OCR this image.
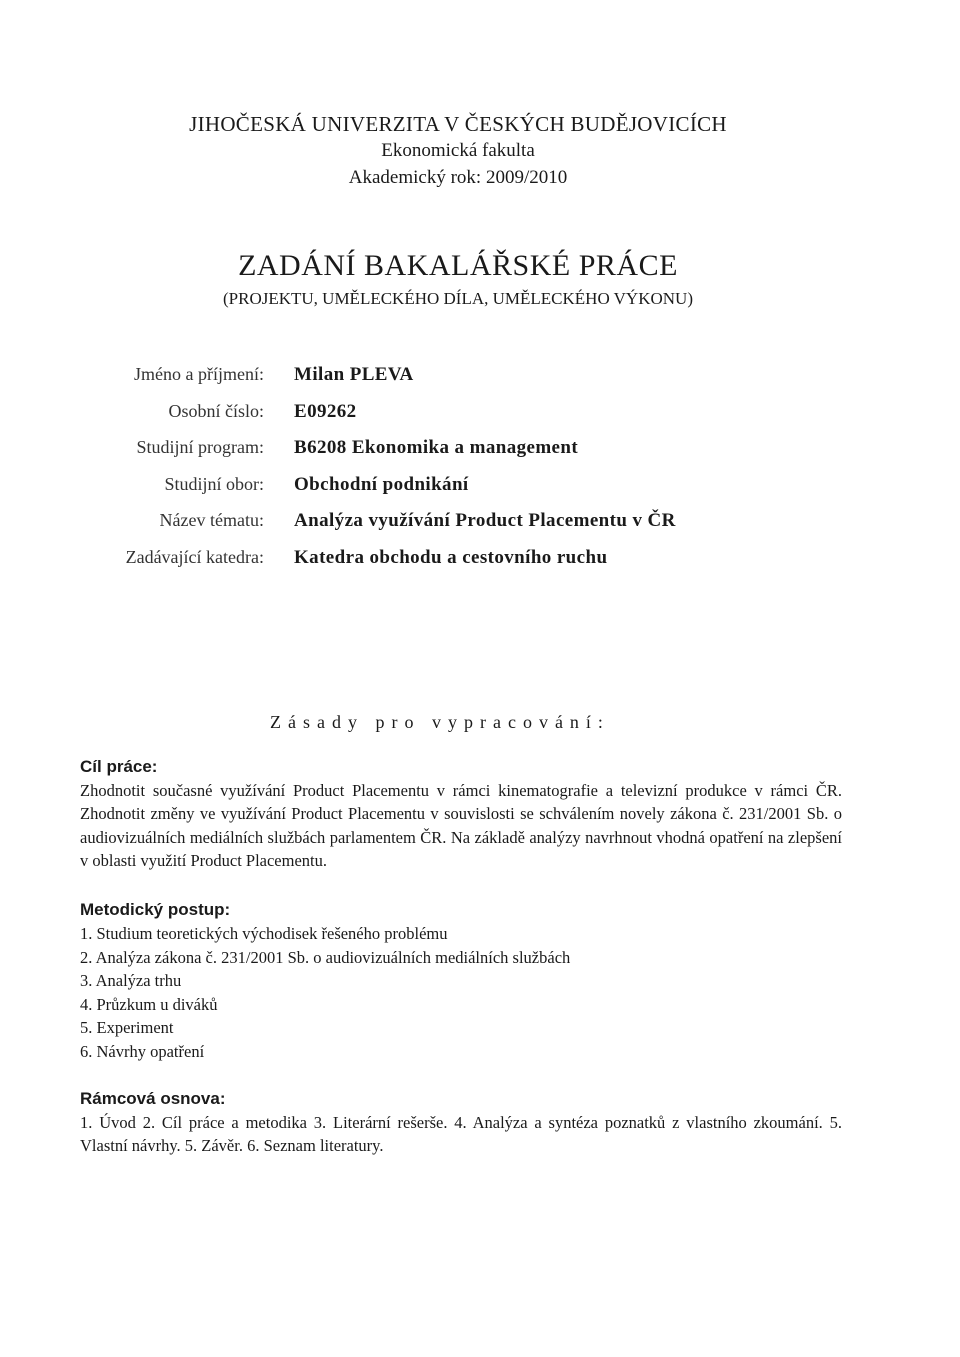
JIHOČESKÁ UNIVERZITA V ČESKÝCH BUDĚJOVICÍCH
Ekonomická fakulta
Akademický rok: 2009/2010
ZADÁNÍ BAKALÁŘSKÉ PRÁCE
(PROJEKTU, UMĚLECKÉHO DÍLA, UMĚLECKÉHO VÝKONU)
Jméno a příjmení: Milan PLEVA
Osobní číslo: E09262
Studijní program: B6208 Ekonomika a management
Studijní obor: Obchodní podnikání
Název tématu: Analýza využívání Product Placementu v ČR
Zadávající katedra: Katedra obchodu a cestovního ruchu
Zásady pro vypracování:
Cíl práce:
Zhodnotit současné využívání Product Placementu v rámci kinematografie a televizní produkce v rámci ČR. Zhodnotit změny ve využívání Product Placementu v souvislosti se schválením novely zákona č. 231/2001 Sb. o audiovizuálních mediálních službách parlamentem ČR. Na základě analýzy navrhnout vhodná opatření na zlepšení v oblasti využití Product Placementu.
Metodický postup:
1. Studium teoretických východisek řešeného problému
2. Analýza zákona č. 231/2001 Sb. o audiovizuálních mediálních službách
3. Analýza trhu
4. Průzkum u diváků
5. Experiment
6. Návrhy opatření
Rámcová osnova:
1. Úvod 2. Cíl práce a metodika 3. Literární rešerše. 4. Analýza a syntéza poznatků z vlastního zkoumání. 5. Vlastní návrhy. 5. Závěr. 6. Seznam literatury.
